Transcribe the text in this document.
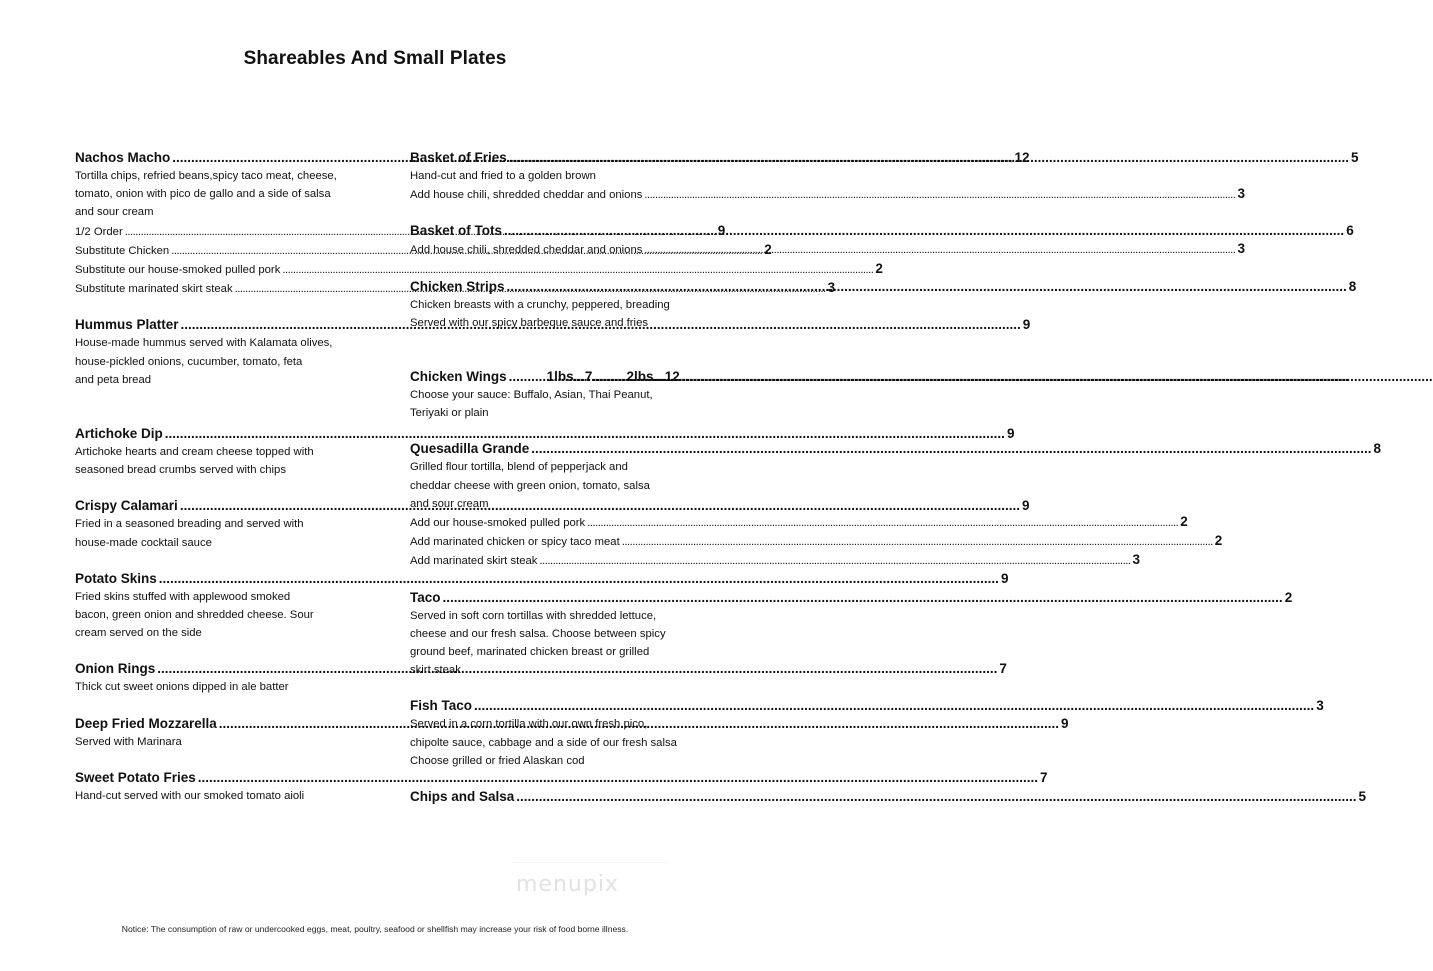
Shareables And Small Plates
Nachos Macho .....	12
Tortilla chips, refried beans,spicy taco meat, cheese,
tomato, onion with pico de gallo and a side of salsa
and sour cream
1/2 Order .....	9
Substitute Chicken .....	2
Substitute our house-smoked pulled pork .....	2
Substitute marinated skirt steak .....	3
Hummus Platter .....	9
House-made hummus served with Kalamata olives,
house-pickled onions, cucumber, tomato, feta
and peta bread
Artichoke Dip .....	9
Artichoke hearts and cream cheese topped with
seasoned bread crumbs served with chips
Crispy Calamari .....	9
Fried in a seasoned breading and served with
house-made cocktail sauce
Potato Skins .....	9
Fried skins stuffed with applewood smoked
bacon, green onion and shredded cheese. Sour
cream served on the side
Onion Rings .....	7
Thick cut sweet onions dipped in ale batter
Deep Fried Mozzarella .....	9
Served with Marinara
Sweet Potato Fries .....	7
Hand-cut served with our smoked tomato aioli
Basket of Fries .....	5
Hand-cut and fried to a golden brown
Add house chili, shredded cheddar and onions .....	3
Basket of Tots .....	6
Add house chili, shredded cheddar and onions .....	3
Chicken Strips .....	8
Chicken breasts with a crunchy, peppered, breading
Served with our spicy barbeque sauce and fries
Chicken Wings .....	1lbs...7 .....	2lbs...12
Choose your sauce: Buffalo, Asian, Thai Peanut,
Teriyaki or plain
Quesadilla Grande .....	8
Grilled flour tortilla, blend of pepperjack and
cheddar cheese with green onion, tomato, salsa
and sour cream
Add our house-smoked pulled pork .....	2
Add marinated chicken or spicy taco meat .....	2
Add marinated skirt steak .....	3
Taco .....	2
Served in soft corn tortillas with shredded lettuce,
cheese and our fresh salsa. Choose between spicy
ground beef, marinated chicken breast or grilled
skirt steak
Fish Taco .....	3
Served in a corn tortilla with our own fresh pico,
chipolte sauce, cabbage and a side of our fresh salsa
Choose grilled or fried Alaskan cod
Chips and Salsa .....	5
menupix
Notice: The consumption of raw or undercooked eggs, meat, poultry, seafood or shellfish may increase your risk of food borne illness.
